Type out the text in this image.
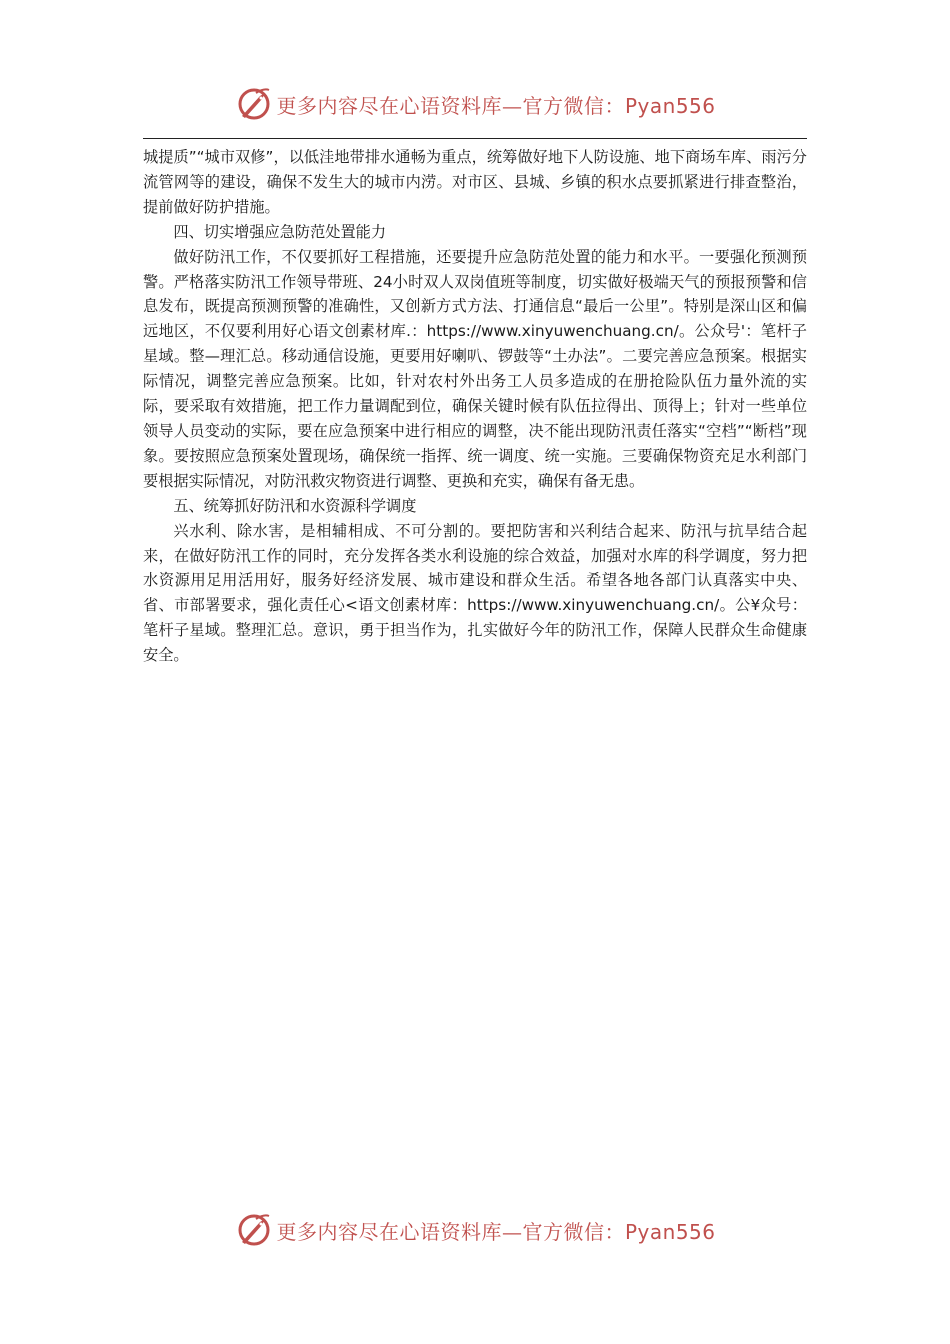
更多内容尽在心语资料库—官方微信：Pyan556

城提质”“城市双修”，以低洼地带排水通畅为重点，统筹做好地下人防设施、地下商场车库、雨污分流管网等的建设，确保不发生大的城市内涝。对市区、县城、乡镇的积水点要抓紧进行排查整治，提前做好防护措施。

四、切实增强应急防范处置能力

做好防汛工作，不仅要抓好工程措施，还要提升应急防范处置的能力和水平。一要强化预测预警。严格落实防汛工作领导带班、24小时双人双岗值班等制度，切实做好极端天气的预报预警和信息发布，既提高预测预警的准确性，又创新方式方法、打通信息“最后一公里”。特别是深山区和偏远地区，不仅要利用好心语文创素材库.：https://www.xinyuwenchuang.cn/。公众号'：笔杆子星域。整—理汇总。移动通信设施，更要用好喇叭、锣鼓等“土办法”。二要完善应急预案。根据实际情况，调整完善应急预案。比如，针对农村外出务工人员多造成的在册抢险队伍力量外流的实际，要采取有效措施，把工作力量调配到位，确保关键时候有队伍拉得出、顶得上；针对一些单位领导人员变动的实际，要在应急预案中进行相应的调整，决不能出现防汛责任落实“空档”“断档”现象。要按照应急预案处置现场，确保统一指挥、统一调度、统一实施。三要确保物资充足水利部门要根据实际情况，对防汛救灾物资进行调整、更换和充实，确保有备无患。

五、统筹抓好防汛和水资源科学调度

兴水利、除水害，是相辅相成、不可分割的。要把防害和兴利结合起来、防汛与抗旱结合起来，在做好防汛工作的同时，充分发挥各类水利设施的综合效益，加强对水库的科学调度，努力把水资源用足用活用好，服务好经济发展、城市建设和群众生活。希望各地各部门认真落实中央、省、市部署要求，强化责任心<语文创素材库：https://www.xinyuwenchuang.cn/。公¥众号：笔杆子星域。整理汇总。意识，勇于担当作为，扎实做好今年的防汛工作，保障人民群众生命健康安全。

更多内容尽在心语资料库—官方微信：Pyan556
